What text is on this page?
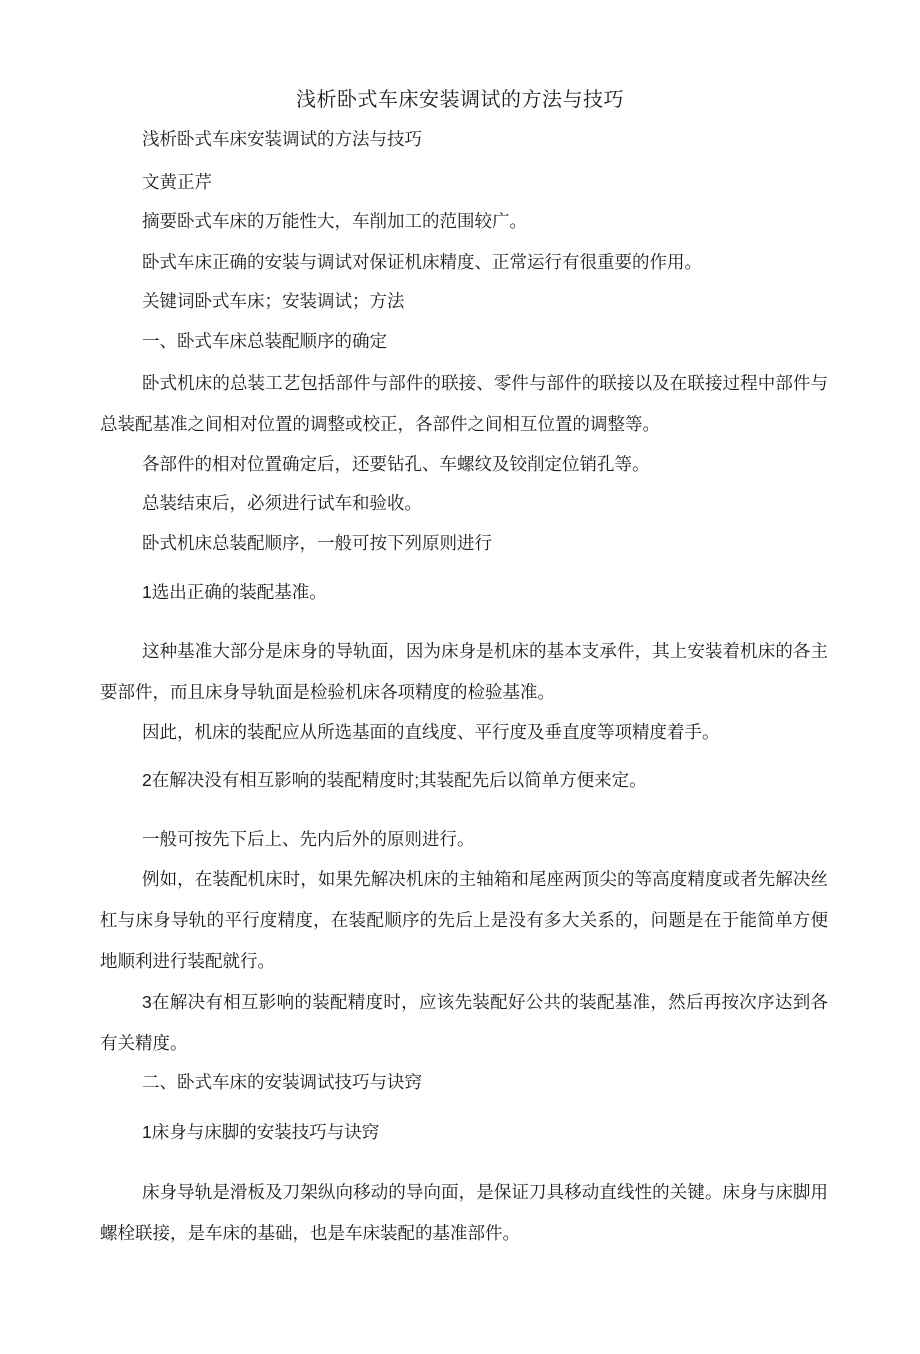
浅析卧式车床安装调试的方法与技巧

浅析卧式车床安装调试的方法与技巧

文黄正芹

摘要卧式车床的万能性大，车削加工的范围较广。

卧式车床正确的安装与调试对保证机床精度、正常运行有很重要的作用。

关键词卧式车床；安装调试；方法

一、卧式车床总装配顺序的确定

卧式机床的总装工艺包括部件与部件的联接、零件与部件的联接以及在联接过程中部件与总装配基准之间相对位置的调整或校正，各部件之间相互位置的调整等。

各部件的相对位置确定后，还要钻孔、车螺纹及铰削定位销孔等。

总装结束后，必须进行试车和验收。

卧式机床总装配顺序，一般可按下列原则进行

1选出正确的装配基准。

这种基准大部分是床身的导轨面，因为床身是机床的基本支承件，其上安装着机床的各主要部件，而且床身导轨面是检验机床各项精度的检验基准。

因此，机床的装配应从所选基面的直线度、平行度及垂直度等项精度着手。

2在解决没有相互影响的装配精度时;其装配先后以简单方便来定。

一般可按先下后上、先内后外的原则进行。

例如，在装配机床时，如果先解决机床的主轴箱和尾座两顶尖的等高度精度或者先解决丝杠与床身导轨的平行度精度，在装配顺序的先后上是没有多大关系的，问题是在于能简单方便地顺利进行装配就行。

3在解决有相互影响的装配精度时，应该先装配好公共的装配基准，然后再按次序达到各有关精度。

二、卧式车床的安装调试技巧与诀窍

1床身与床脚的安装技巧与诀窍

床身导轨是滑板及刀架纵向移动的导向面，是保证刀具移动直线性的关键。床身与床脚用螺栓联接，是车床的基础，也是车床装配的基准部件。
